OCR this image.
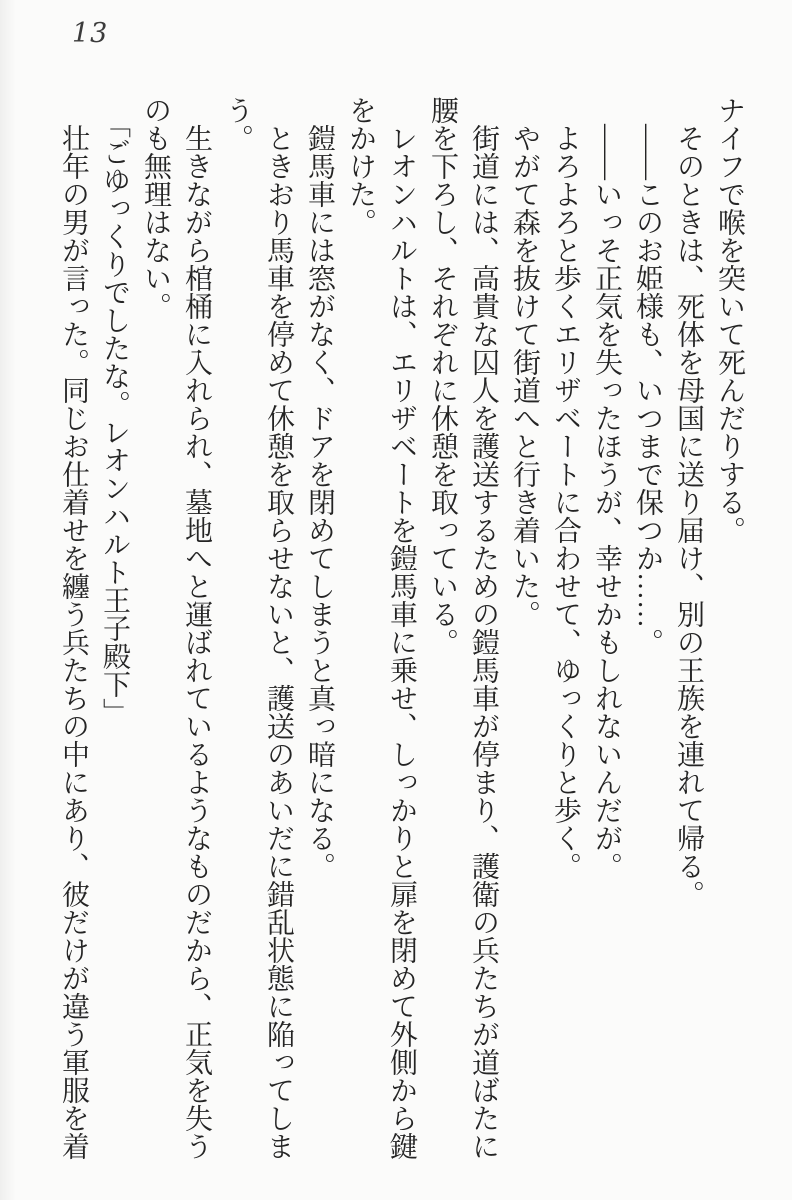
13

ナイフで喉を突いて死んだりする。

そのときは、死体を母国に送り届け、別の王族を連れて帰る。

――このお姫様も、いつまで保つか……。

――いっそ正気を失ったほうが、幸せかもしれないんだが。

よろよろと歩くエリザベートに合わせて、ゆっくりと歩く。

やがて森を抜けて街道へと行き着いた。

街道には、高貴な囚人を護送するための鎧馬車が停まり、護衛の兵たちが道ばたに腰を下ろし、それぞれに休憩を取っている。

レオンハルトは、エリザベートを鎧馬車に乗せ、しっかりと扉を閉めて外側から鍵をかけた。

鎧馬車には窓がなく、ドアを閉めてしまうと真っ暗になる。

ときおり馬車を停めて休憩を取らせないと、護送のあいだに錯乱状態に陥ってしまう。

生きながら棺桶に入れられ、墓地へと運ばれているようなものだから、正気を失うのも無理はない。

「ごゆっくりでしたな。レオンハルト王子殿下」

壮年の男が言った。同じお仕着せを纏う兵たちの中にあり、彼だけが違う軍服を着
